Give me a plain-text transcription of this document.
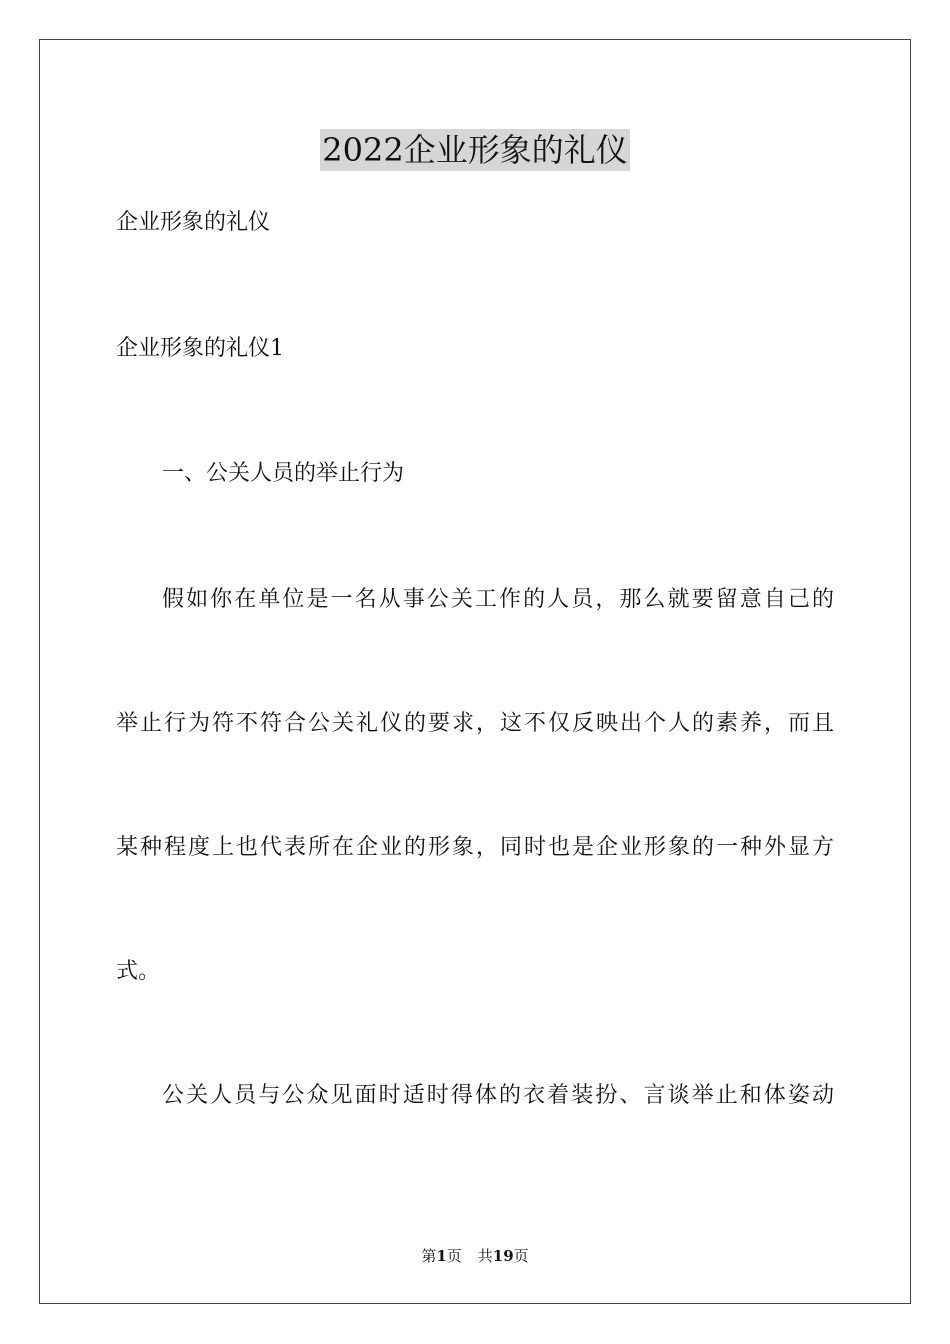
2022企业形象的礼仪
企业形象的礼仪
企业形象的礼仪1
一、公关人员的举止行为
假如你在单位是一名从事公关工作的人员，那么就要留意自己的
举止行为符不符合公关礼仪的要求，这不仅反映出个人的素养，而且
某种程度上也代表所在企业的形象，同时也是企业形象的一种外显方
式。
公关人员与公众见面时适时得体的衣着装扮、言谈举止和体姿动
第1页 共19页
